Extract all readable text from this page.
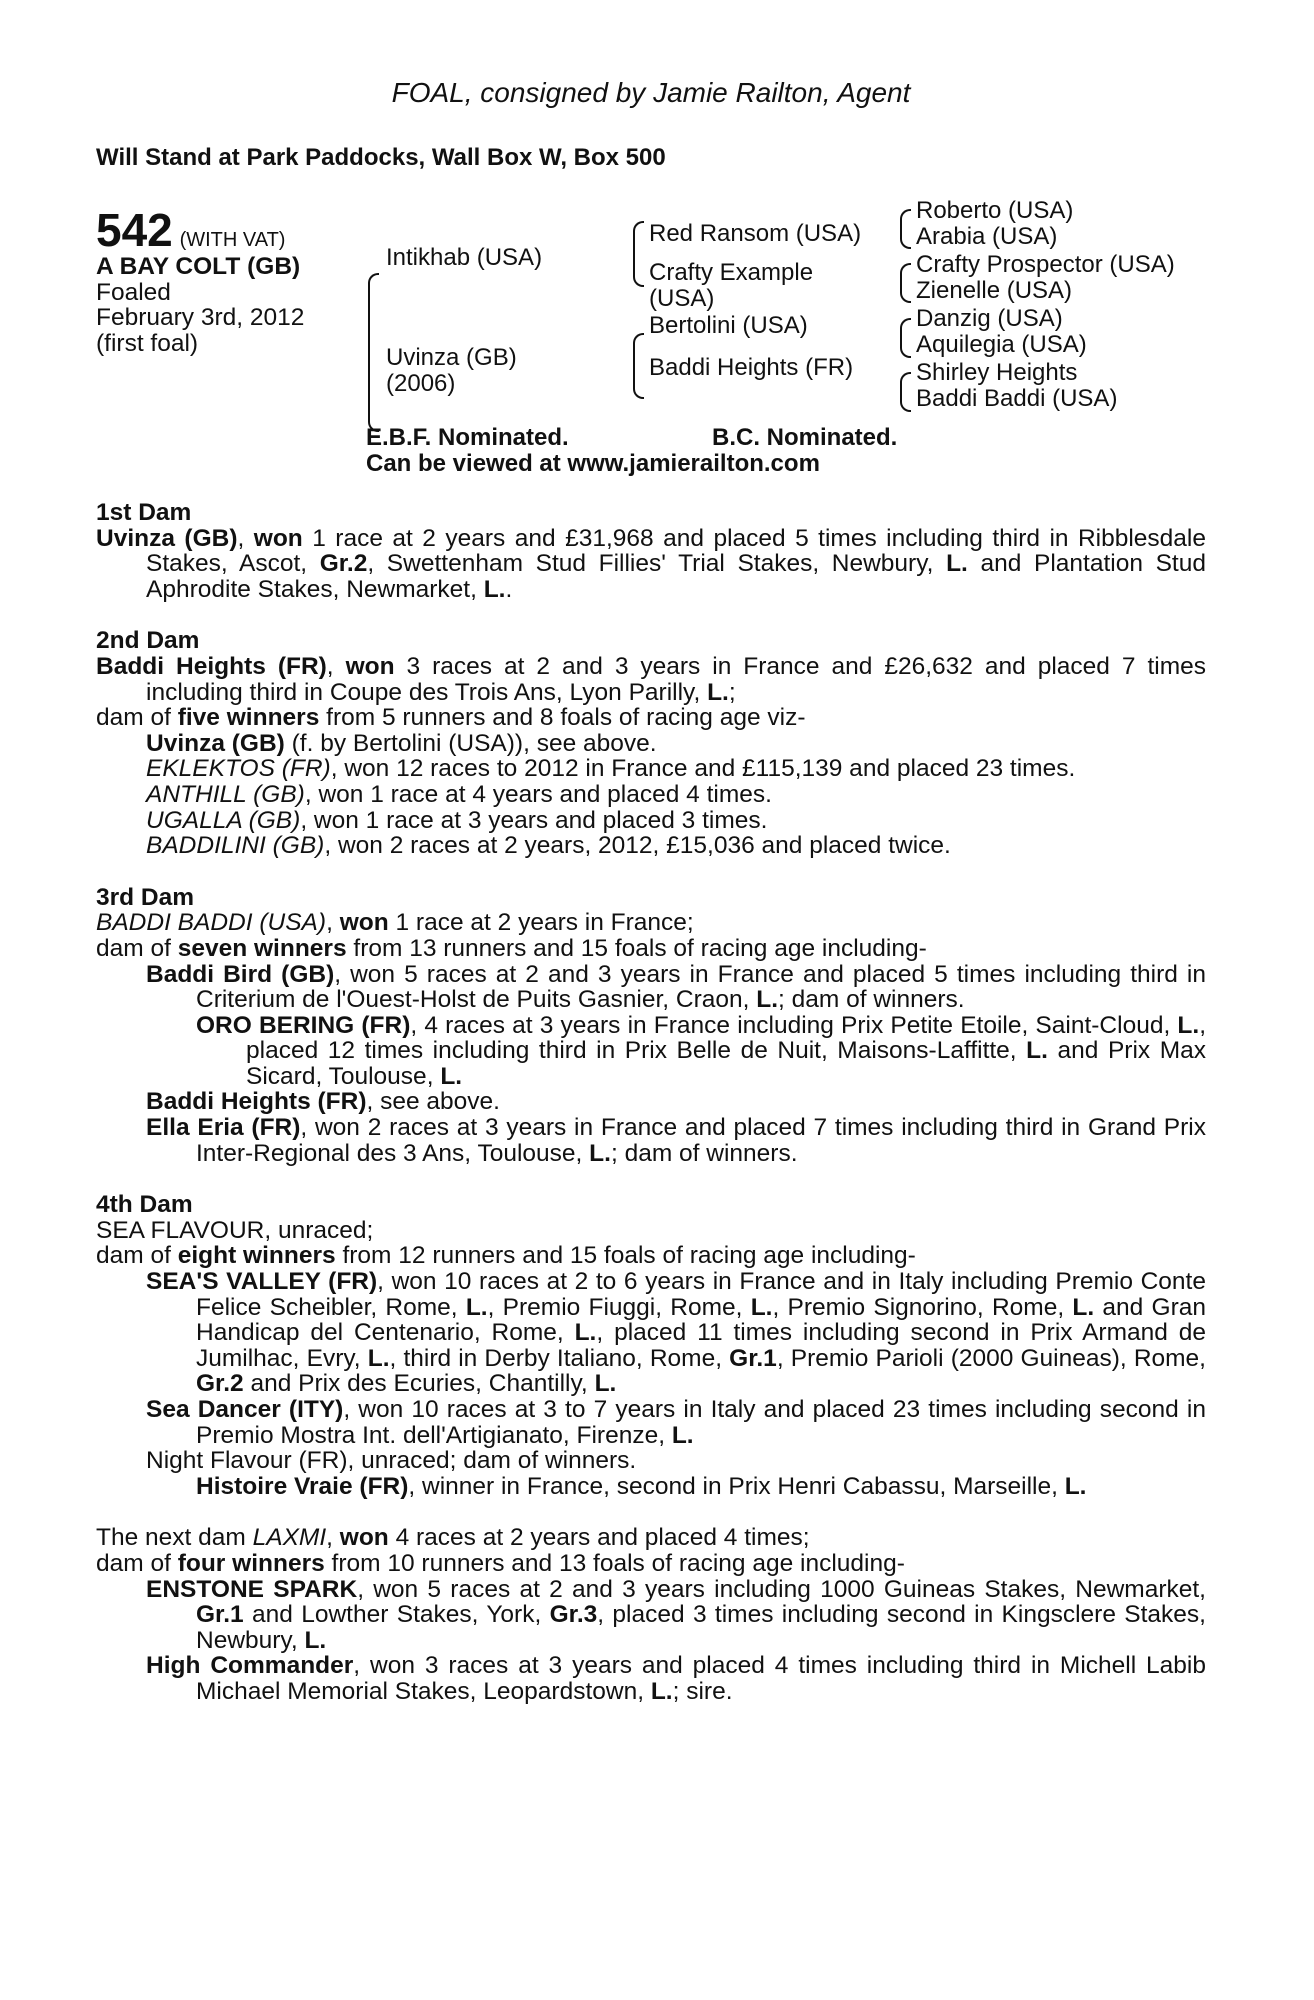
FOAL, consigned by Jamie Railton, Agent
Will Stand at Park Paddocks, Wall Box W, Box 500
542 (WITH VAT)
A BAY COLT (GB)
Foaled
February 3rd, 2012
(first foal)
Intikhab (USA)
Uvinza (GB)
(2006)
Red Ransom (USA)
Crafty Example
(USA)
Bertolini (USA)
Baddi Heights (FR)
Roberto (USA)
Arabia (USA)
Crafty Prospector (USA)
Zienelle (USA)
Danzig (USA)
Aquilegia (USA)
Shirley Heights
Baddi Baddi (USA)
E.B.F. Nominated.	B.C. Nominated.
Can be viewed at www.jamierailton.com
1st Dam

Uvinza (GB), won 1 race at 2 years and £31,968 and placed 5 times including third in Ribblesdale Stakes, Ascot, Gr.2, Swettenham Stud Fillies' Trial Stakes, Newbury, L. and Plantation Stud Aphrodite Stakes, Newmarket, L..

2nd Dam

Baddi Heights (FR), won 3 races at 2 and 3 years in France and £26,632 and placed 7 times including third in Coupe des Trois Ans, Lyon Parilly, L.;

dam of five winners from 5 runners and 8 foals of racing age viz-

Uvinza (GB) (f. by Bertolini (USA)), see above.

EKLEKTOS (FR), won 12 races to 2012 in France and £115,139 and placed 23 times.

ANTHILL (GB), won 1 race at 4 years and placed 4 times.

UGALLA (GB), won 1 race at 3 years and placed 3 times.

BADDILINI (GB), won 2 races at 2 years, 2012, £15,036 and placed twice.

3rd Dam

BADDI BADDI (USA), won 1 race at 2 years in France;

dam of seven winners from 13 runners and 15 foals of racing age including-

Baddi Bird (GB), won 5 races at 2 and 3 years in France and placed 5 times including third in Criterium de l'Ouest-Holst de Puits Gasnier, Craon, L.; dam of winners.

ORO BERING (FR), 4 races at 3 years in France including Prix Petite Etoile, Saint-Cloud, L., placed 12 times including third in Prix Belle de Nuit, Maisons-Laffitte, L. and Prix Max Sicard, Toulouse, L.

Baddi Heights (FR), see above.

Ella Eria (FR), won 2 races at 3 years in France and placed 7 times including third in Grand Prix Inter-Regional des 3 Ans, Toulouse, L.; dam of winners.

4th Dam

SEA FLAVOUR, unraced;

dam of eight winners from 12 runners and 15 foals of racing age including-

SEA'S VALLEY (FR), won 10 races at 2 to 6 years in France and in Italy including Premio Conte Felice Scheibler, Rome, L., Premio Fiuggi, Rome, L., Premio Signorino, Rome, L. and Gran Handicap del Centenario, Rome, L., placed 11 times including second in Prix Armand de Jumilhac, Evry, L., third in Derby Italiano, Rome, Gr.1, Premio Parioli (2000 Guineas), Rome, Gr.2 and Prix des Ecuries, Chantilly, L.

Sea Dancer (ITY), won 10 races at 3 to 7 years in Italy and placed 23 times including second in Premio Mostra Int. dell'Artigianato, Firenze, L.

Night Flavour (FR), unraced; dam of winners.

Histoire Vraie (FR), winner in France, second in Prix Henri Cabassu, Marseille, L.

The next dam LAXMI, won 4 races at 2 years and placed 4 times;

dam of four winners from 10 runners and 13 foals of racing age including-

ENSTONE SPARK, won 5 races at 2 and 3 years including 1000 Guineas Stakes, Newmarket, Gr.1 and Lowther Stakes, York, Gr.3, placed 3 times including second in Kingsclere Stakes, Newbury, L.

High Commander, won 3 races at 3 years and placed 4 times including third in Michell Labib Michael Memorial Stakes, Leopardstown, L.; sire.
